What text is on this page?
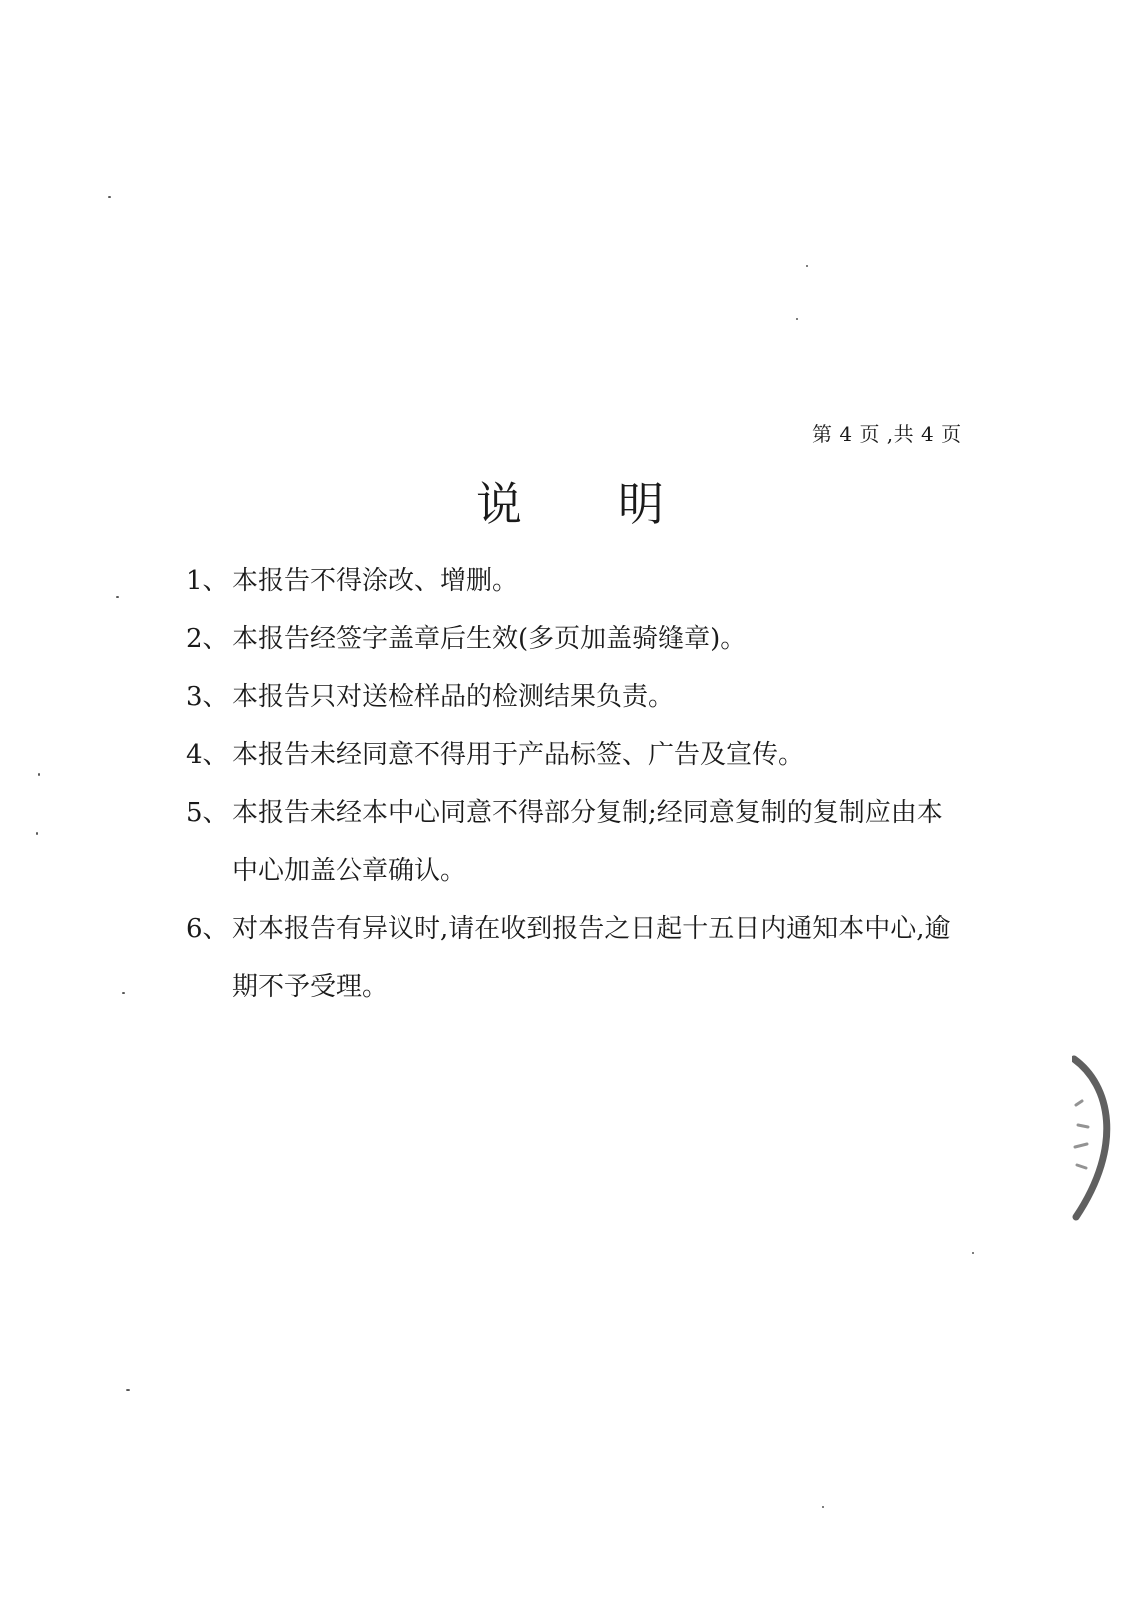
第 4 页 ,共 4 页
说明
1、 本报告不得涂改、增删。
2、 本报告经签字盖章后生效(多页加盖骑缝章)。
3、 本报告只对送检样品的检测结果负责。
4、 本报告未经同意不得用于产品标签、广告及宣传。
5、 本报告未经本中心同意不得部分复制;经同意复制的复制应由本中心加盖公章确认。
6、 对本报告有异议时,请在收到报告之日起十五日内通知本中心,逾期不予受理。
